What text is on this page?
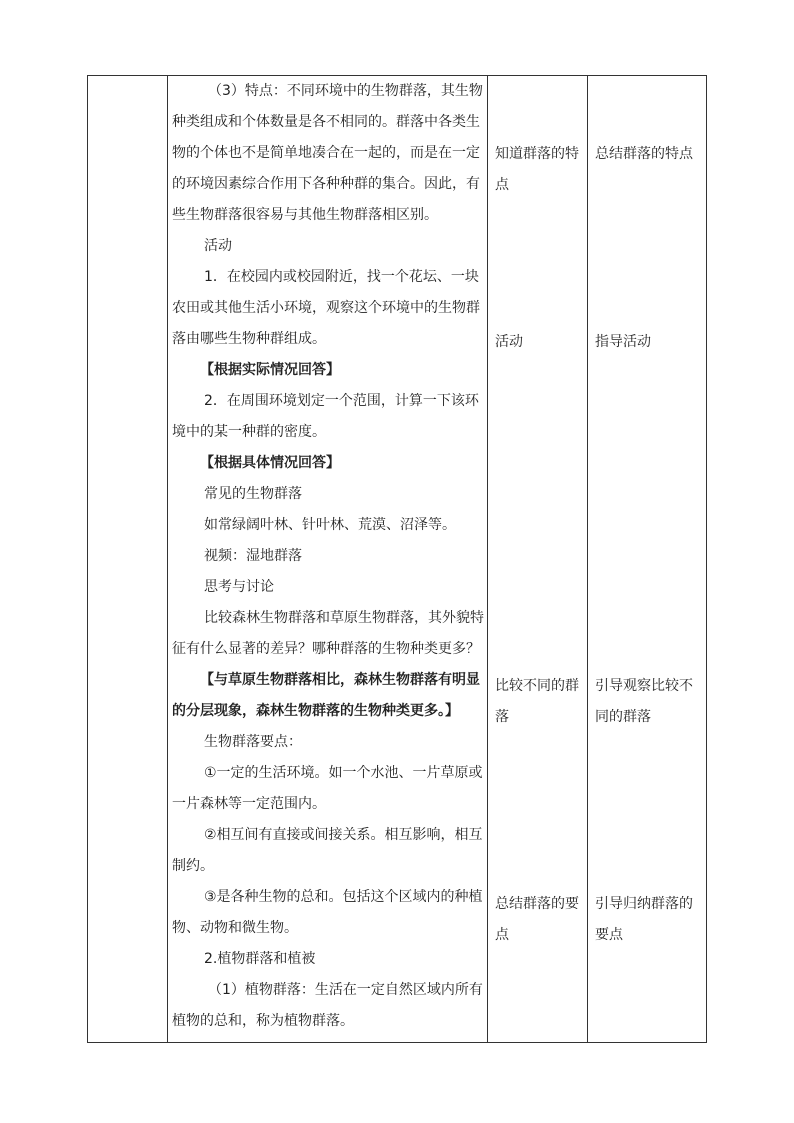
（3）特点：不同环境中的生物群落，其生物
种类组成和个体数量是各不相同的。群落中各类生
物的个体也不是简单地凑合在一起的，而是在一定
的环境因素综合作用下各种种群的集合。因此，有
些生物群落很容易与其他生物群落相区别。
活动
1．在校园内或校园附近，找一个花坛、一块
农田或其他生活小环境，观察这个环境中的生物群
落由哪些生物种群组成。
【根据实际情况回答】
2．在周围环境划定一个范围，计算一下该环
境中的某一种群的密度。
【根据具体情况回答】
常见的生物群落
如常绿阔叶林、针叶林、荒漠、沼泽等。
视频：湿地群落
思考与讨论
比较森林生物群落和草原生物群落，其外貌特
征有什么显著的差异？哪种群落的生物种类更多？
【与草原生物群落相比，森林生物群落有明显
的分层现象，森林生物群落的生物种类更多。】
生物群落要点：
①一定的生活环境。如一个水池、一片草原或
一片森林等一定范围内。
②相互间有直接或间接关系。相互影响，相互
制约。
③是各种生物的总和。包括这个区域内的种植
物、动物和微生物。
2.植物群落和植被
（1）植物群落：生活在一定自然区域内所有
植物的总和，称为植物群落。
知道群落的特
点
活动
比较不同的群
落
总结群落的要
点
总结群落的特点
指导活动
引导观察比较不
同的群落
引导归纳群落的
要点
